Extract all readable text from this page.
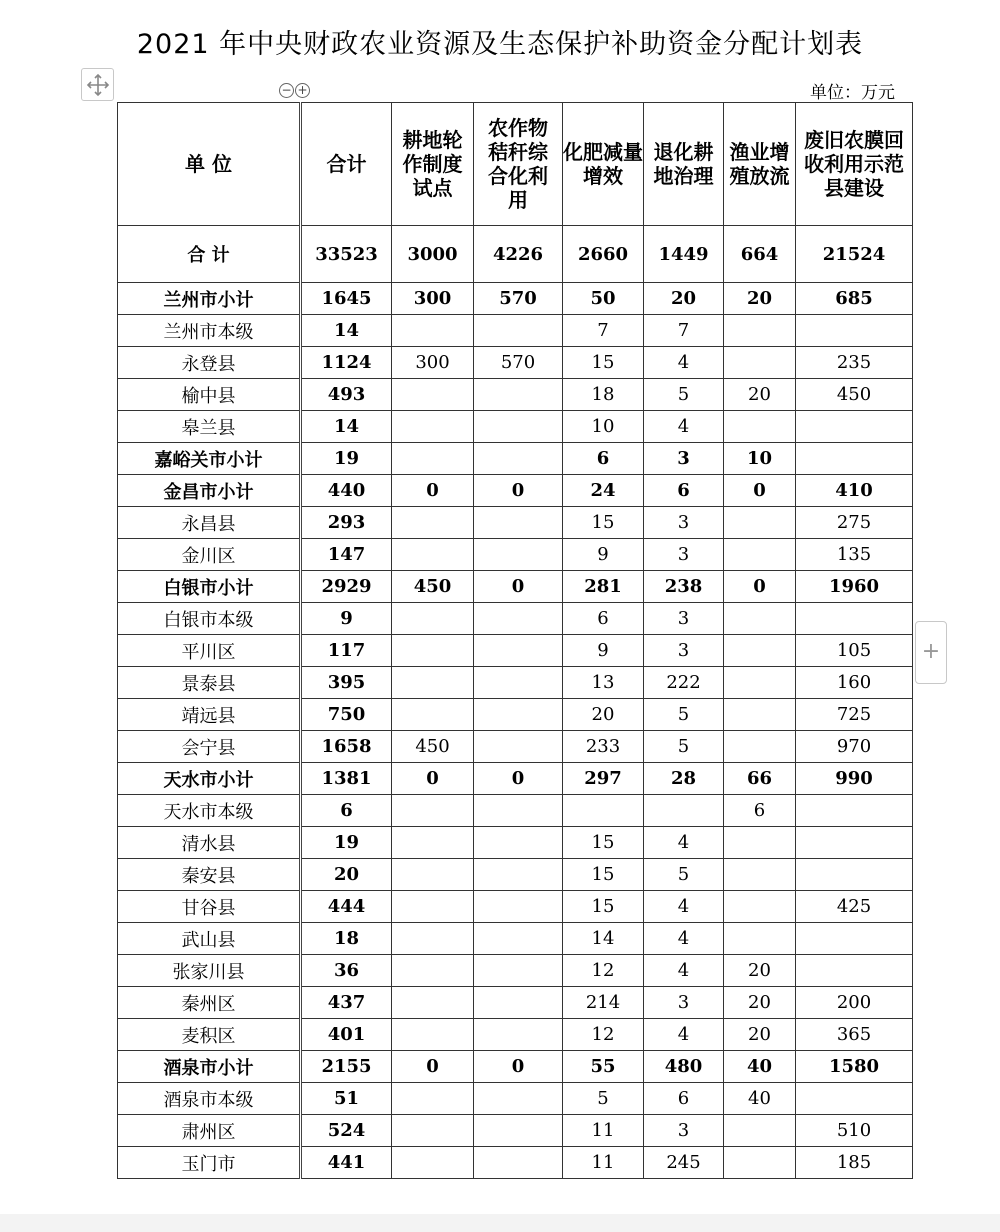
2021 年中央财政农业资源及生态保护补助资金分配计划表
− +	单位：万元
单 位	合计	耕地轮作制度试点	农作物秸秆综合化利用	化肥减量增效	退化耕地治理	渔业增殖放流	废旧农膜回收利用示范县建设
合 计	33523	3000	4226	2660	1449	664	21524
兰州市小计	1645	300	570	50	20	20	685
兰州市本级	14			7	7		
永登县	1124	300	570	15	4		235
榆中县	493			18	5	20	450
皋兰县	14			10	4		
嘉峪关市小计	19			6	3	10	
金昌市小计	440	0	0	24	6	0	410
永昌县	293			15	3		275
金川区	147			9	3		135
白银市小计	2929	450	0	281	238	0	1960
白银市本级	9			6	3		
平川区	117			9	3		105
景泰县	395			13	222		160
靖远县	750			20	5		725
会宁县	1658	450		233	5		970
天水市小计	1381	0	0	297	28	66	990
天水市本级	6					6	
清水县	19			15	4		
秦安县	20			15	5		
甘谷县	444			15	4		425
武山县	18			14	4		
张家川县	36			12	4	20	
秦州区	437			214	3	20	200
麦积区	401			12	4	20	365
酒泉市小计	2155	0	0	55	480	40	1580
酒泉市本级	51			5	6	40	
肃州区	524			11	3		510
玉门市	441			11	245		185
+
